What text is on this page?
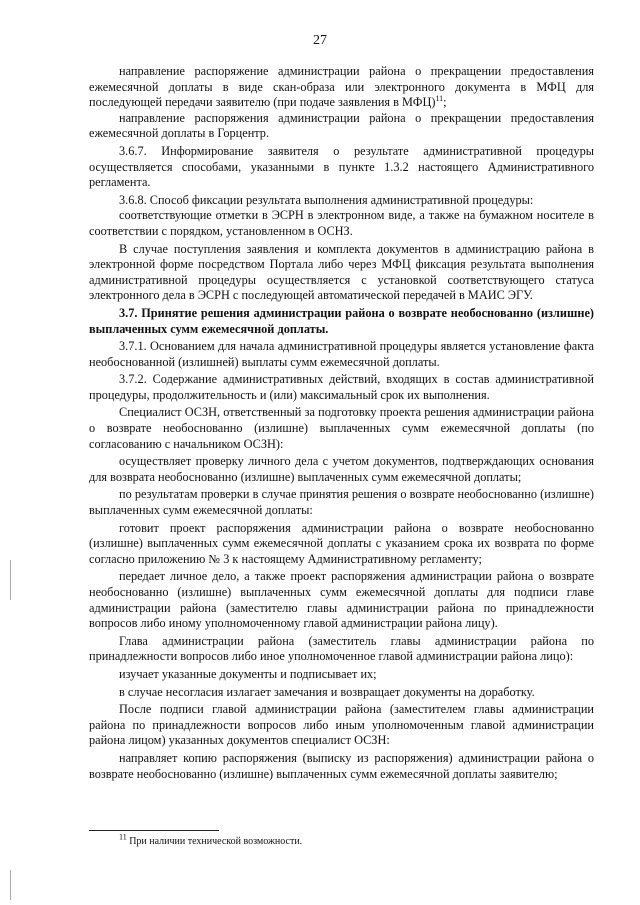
27

направление распоряжение администрации района о прекращении предоставления ежемесячной доплаты в виде скан-образа или электронного документа в МФЦ для последующей передачи заявителю (при подаче заявления в МФЦ)$^{11}$;

направление распоряжения администрации района о прекращении предоставления ежемесячной доплаты в Горцентр.

3.6.7. Информирование заявителя о результате административной процедуры осуществляется способами, указанными в пункте 1.3.2 настоящего Административного регламента.

3.6.8. Способ фиксации результата выполнения административной процедуры:

соответствующие отметки в ЭСРН в электронном виде, а также на бумажном носителе в соответствии с порядком, установленном в ОСНЗ.

В случае поступления заявления и комплекта документов в администрацию района в электронной форме посредством Портала либо через МФЦ фиксация результата выполнения административной процедуры осуществляется с установкой соответствующего статуса электронного дела в ЭСРН с последующей автоматической передачей в МАИС ЭГУ.

3.7. Принятие решения администрации района о возврате необоснованно (излишне) выплаченных сумм ежемесячной доплаты.

3.7.1. Основанием для начала административной процедуры является установление факта необоснованной (излишней) выплаты сумм ежемесячной доплаты.

3.7.2. Содержание административных действий, входящих в состав административной процедуры, продолжительность и (или) максимальный срок их выполнения.

Специалист ОСЗН, ответственный за подготовку проекта решения администрации района о возврате необоснованно (излишне) выплаченных сумм ежемесячной доплаты (по согласованию с начальником ОСЗН):

осуществляет проверку личного дела с учетом документов, подтверждающих основания для возврата необоснованно (излишне) выплаченных сумм ежемесячной доплаты;

по результатам проверки в случае принятия решения о возврате необоснованно (излишне) выплаченных сумм ежемесячной доплаты:

готовит проект распоряжения администрации района о возврате необоснованно (излишне) выплаченных сумм ежемесячной доплаты с указанием срока их возврата по форме согласно приложению № 3 к настоящему Административному регламенту;

передает личное дело, а также проект распоряжения администрации района о возврате необоснованно (излишне) выплаченных сумм ежемесячной доплаты для подписи главе администрации района (заместителю главы администрации района по принадлежности вопросов либо иному уполномоченному главой администрации района лицу).

Глава администрации района (заместитель главы администрации района по принадлежности вопросов либо иное уполномоченное главой администрации района лицо):

изучает указанные документы и подписывает их;

в случае несогласия излагает замечания и возвращает документы на доработку.

После подписи главой администрации района (заместителем главы администрации района по принадлежности вопросов либо иным уполномоченным главой администрации района лицом) указанных документов специалист ОСЗН:

направляет копию распоряжения (выписку из распоряжения) администрации района о возврате необоснованно (излишне) выплаченных сумм ежемесячной доплаты заявителю;

$^{11}$ При наличии технической возможности.
